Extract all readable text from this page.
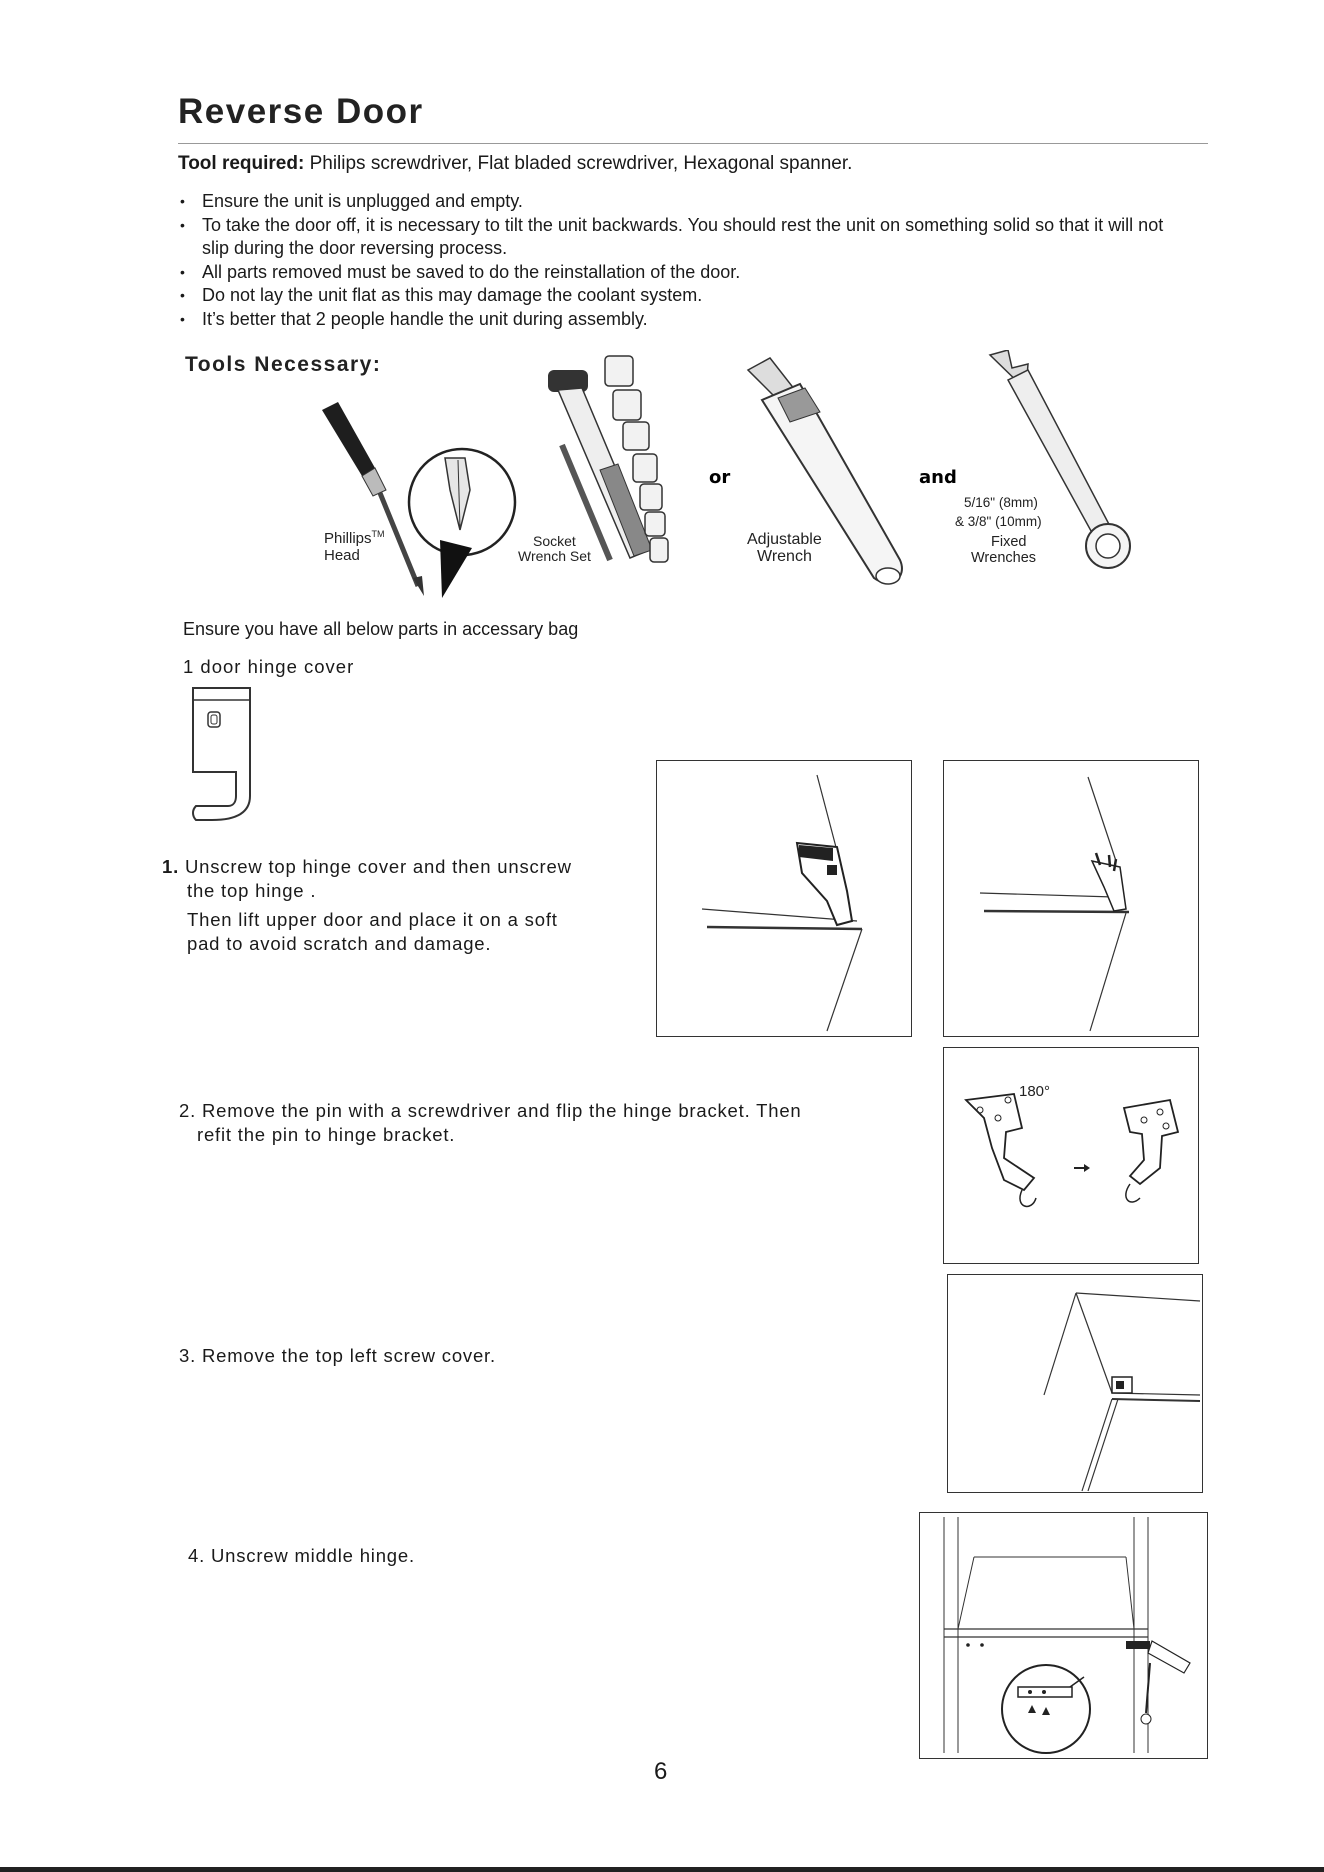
Reverse Door
Tool required: Philips screwdriver, Flat bladed screwdriver, Hexagonal spanner.
• Ensure the unit is unplugged and empty.
• To take the door off, it is necessary to tilt the unit backwards. You should rest the unit on something solid so that it will not slip during the door reversing process.
• All parts removed must be saved to do the reinstallation of the door.
• Do not lay the unit flat as this may damage the coolant system.
• It’s better that 2 people handle the unit during assembly.
Tools Necessary:
Phillips™
Head
Socket
Wrench Set
or
Adjustable
Wrench
and
5/16" (8mm)
& 3/8" (10mm)
Fixed
Wrenches
Ensure you have all below parts in accessary bag
1 door hinge cover
1. Unscrew top hinge cover and then unscrew
the top hinge .
Then lift upper door and place it on a soft
pad to avoid scratch and damage.
2. Remove the pin with a screwdriver and flip the hinge bracket. Then
refit the pin to hinge bracket.
180°
3. Remove the top left screw cover.
4. Unscrew middle hinge.
6
